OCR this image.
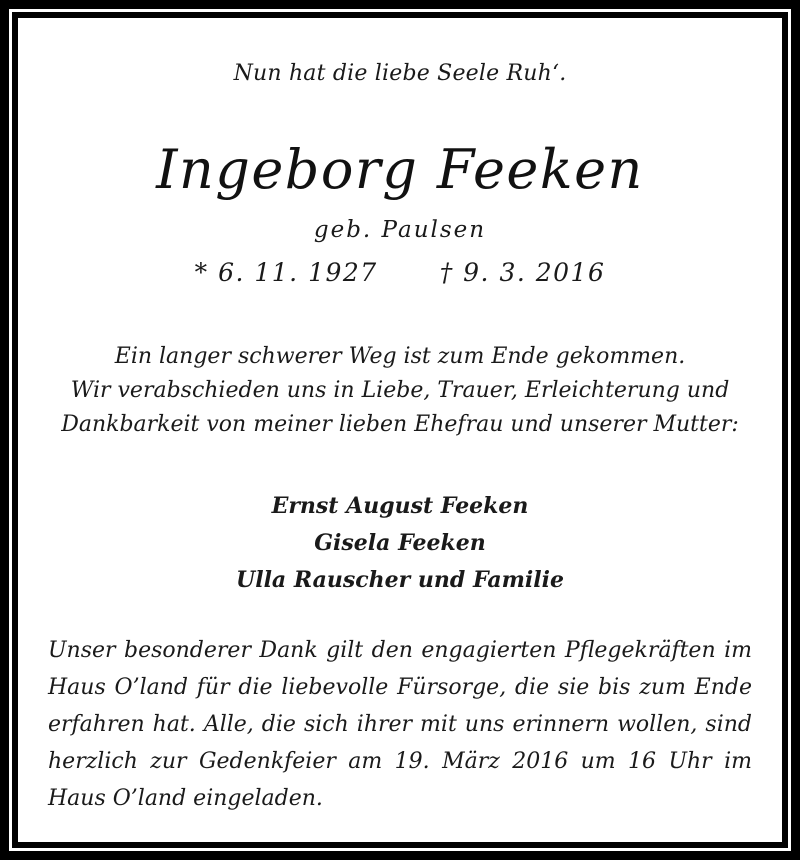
Nun hat die liebe Seele Ruh‘.
Ingeborg Feeken
geb. Paulsen
* 6. 11. 1927 † 9. 3. 2016
Ein langer schwerer Weg ist zum Ende gekommen.
Wir verabschieden uns in Liebe, Trauer, Erleichterung und
Dankbarkeit von meiner lieben Ehefrau und unserer Mutter:
Ernst August Feeken
Gisela Feeken
Ulla Rauscher und Familie
Unser besonderer Dank gilt den engagierten Pflegekräften im
Haus O’land für die liebevolle Fürsorge, die sie bis zum Ende
erfahren hat. Alle, die sich ihrer mit uns erinnern wollen, sind
herzlich zur Gedenkfeier am 19. März 2016 um 16 Uhr im
Haus O’land eingeladen.
